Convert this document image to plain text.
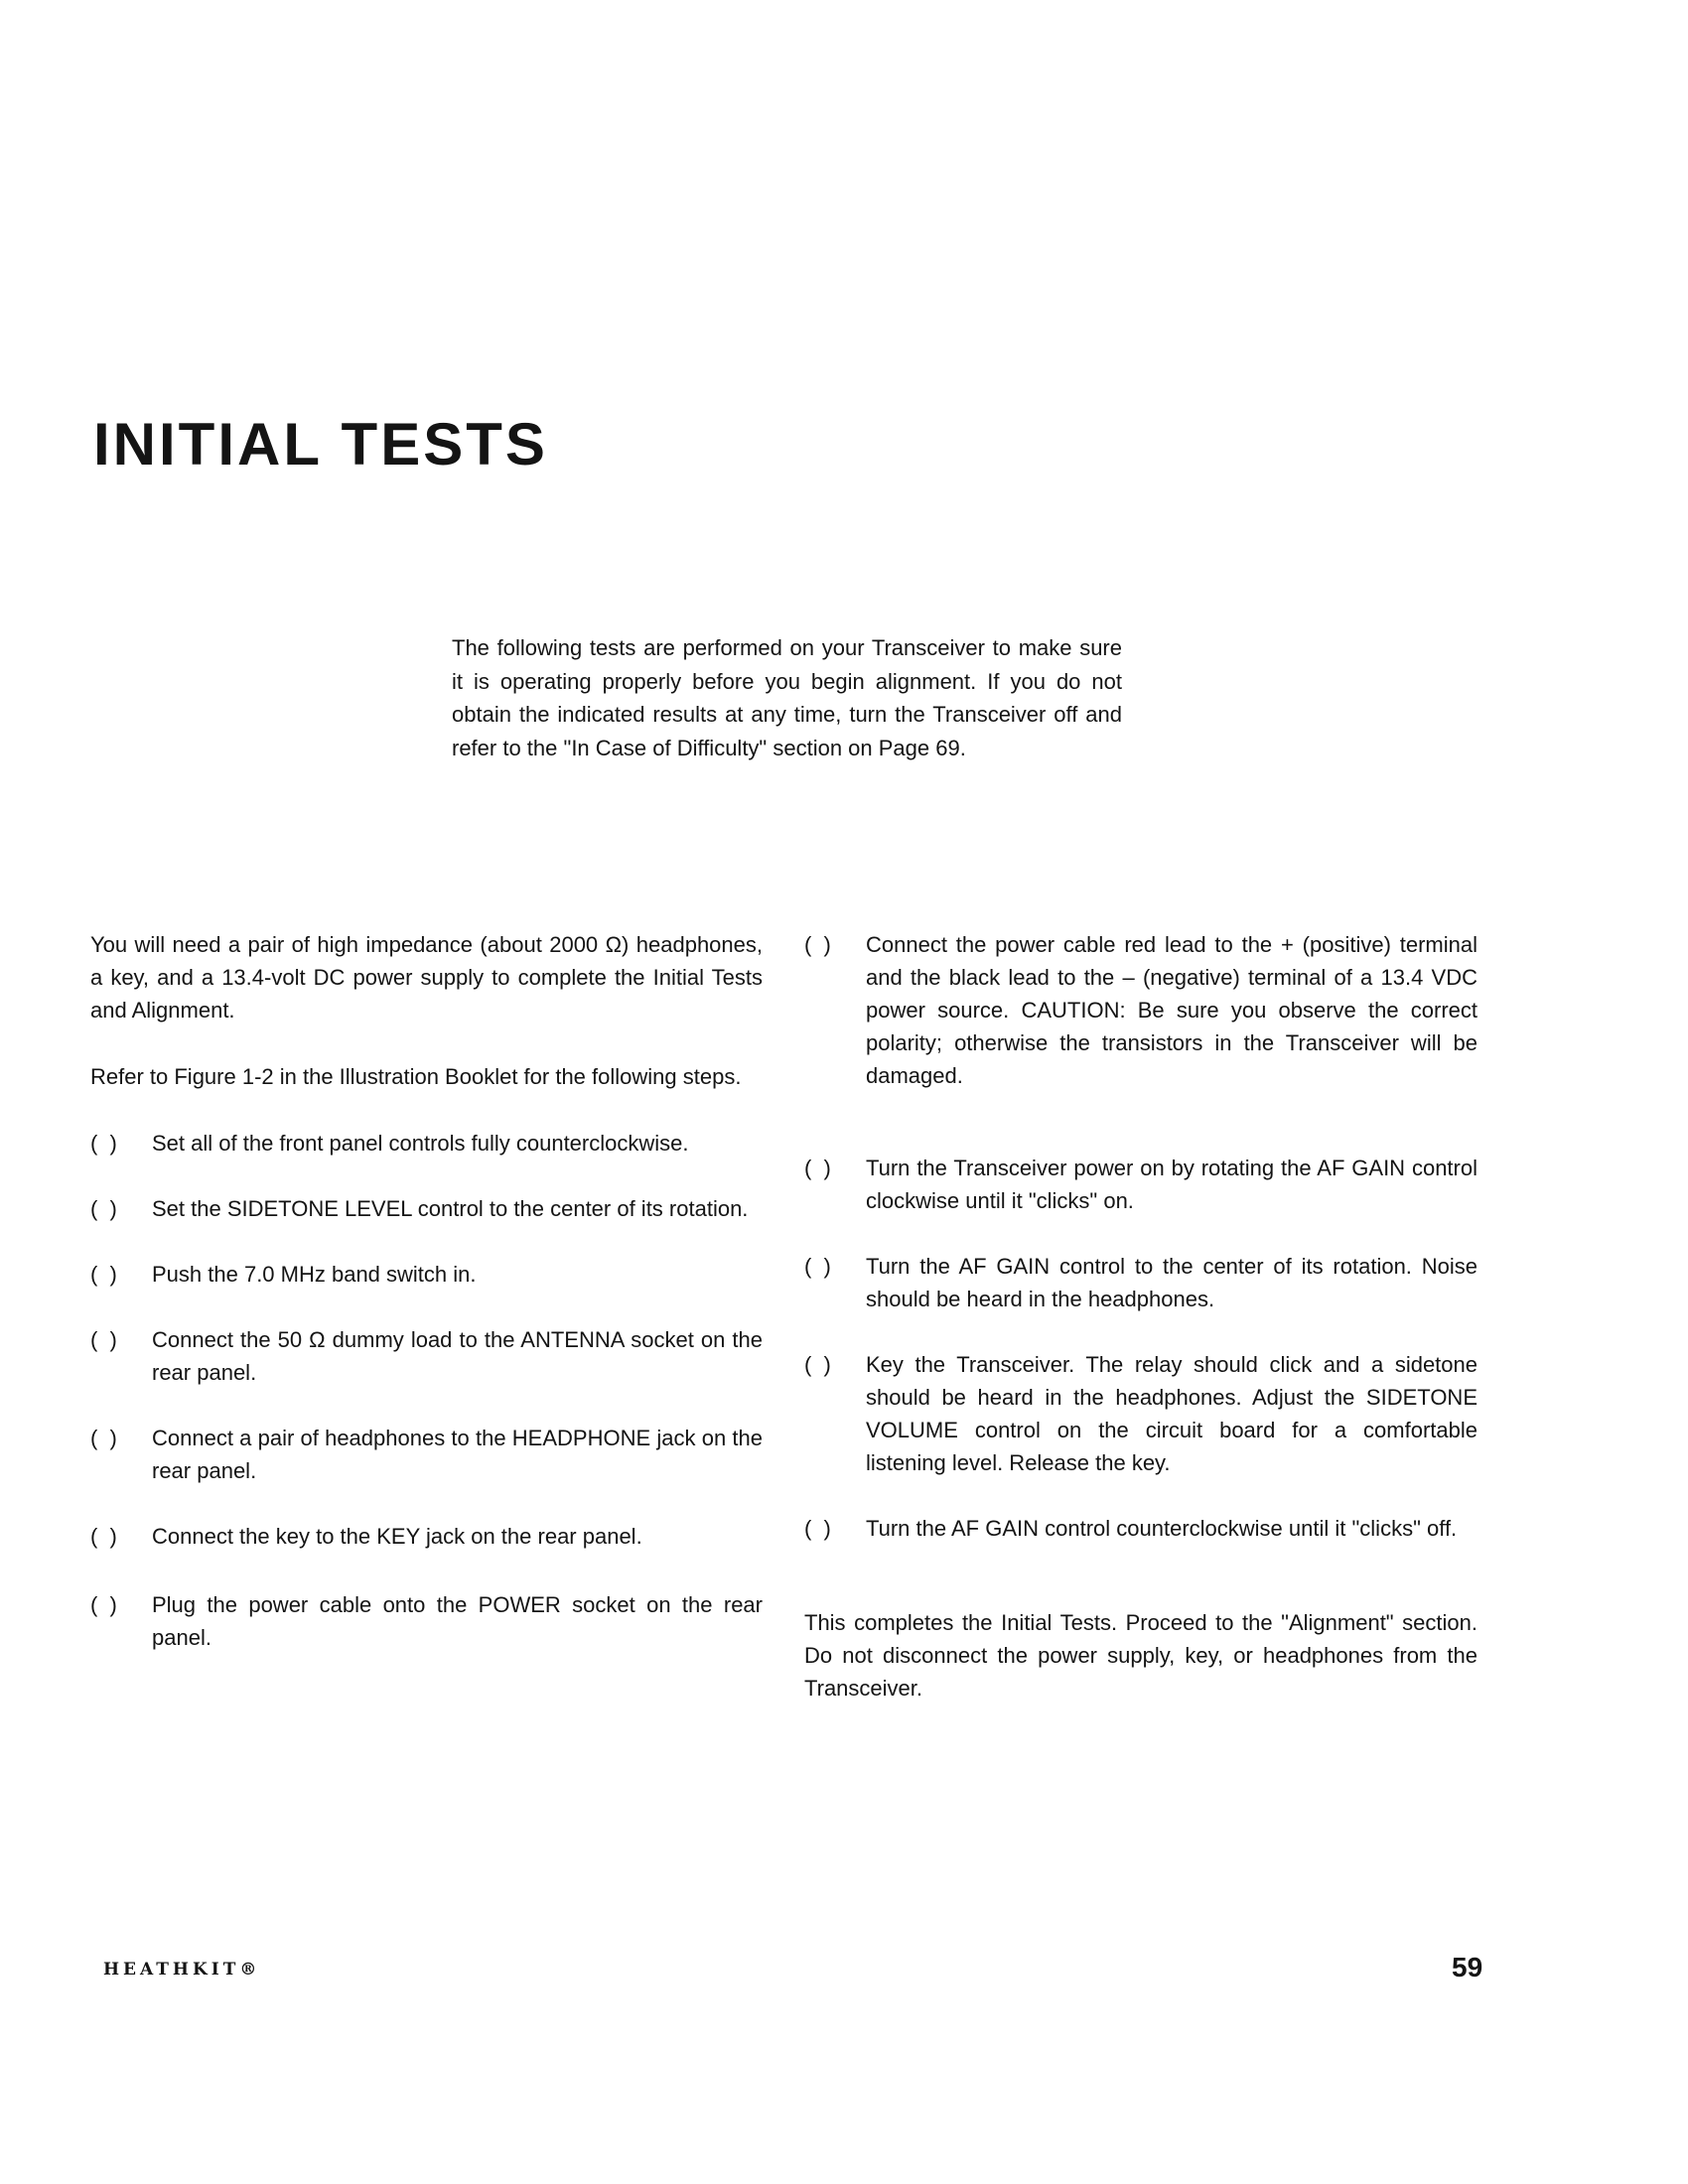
INITIAL TESTS

The following tests are performed on your Transceiver to make sure it is operating properly before you begin alignment. If you do not obtain the indicated results at any time, turn the Transceiver off and refer to the "In Case of Difficulty" section on Page 69.

You will need a pair of high impedance (about 2000 Ω) headphones, a key, and a 13.4-volt DC power supply to complete the Initial Tests and Alignment.

Refer to Figure 1-2 in the Illustration Booklet for the following steps.

(  )	Set all of the front panel controls fully counterclockwise.

(  )	Set the SIDETONE LEVEL control to the center of its rotation.

(  )	Push the 7.0 MHz band switch in.

(  )	Connect the 50 Ω dummy load to the ANTENNA socket on the rear panel.

(  )	Connect a pair of headphones to the HEADPHONE jack on the rear panel.

(  )	Connect the key to the KEY jack on the rear panel.

(  )	Plug the power cable onto the POWER socket on the rear panel.

(  )	Connect the power cable red lead to the + (positive) terminal and the black lead to the – (negative) terminal of a 13.4 VDC power source. CAUTION: Be sure you observe the correct polarity; otherwise the transistors in the Transceiver will be damaged.

(  )	Turn the Transceiver power on by rotating the AF GAIN control clockwise until it "clicks" on.

(  )	Turn the AF GAIN control to the center of its rotation. Noise should be heard in the headphones.

(  )	Key the Transceiver. The relay should click and a sidetone should be heard in the headphones. Adjust the SIDETONE VOLUME control on the circuit board for a comfortable listening level. Release the key.

(  )	Turn the AF GAIN control counterclockwise until it "clicks" off.

This completes the Initial Tests. Proceed to the "Alignment" section. Do not disconnect the power supply, key, or headphones from the Transceiver.

HEATHKIT®	59
